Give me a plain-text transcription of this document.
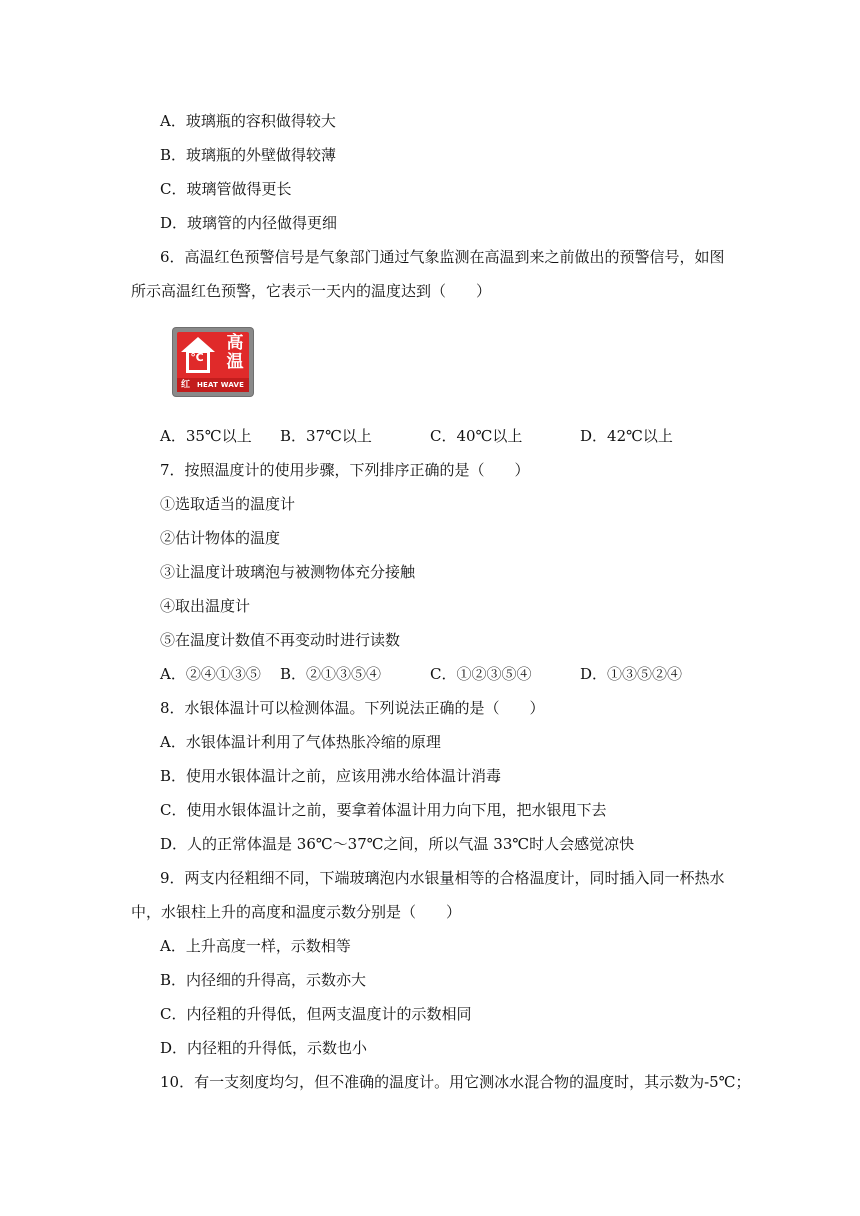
A．玻璃瓶的容积做得较大
B．玻璃瓶的外壁做得较薄
C．玻璃管做得更长
D．玻璃管的内径做得更细
6．高温红色预警信号是气象部门通过气象监测在高温到来之前做出的预警信号，如图
所示高温红色预警，它表示一天内的温度达到（　　）
℃
高温
红 HEAT WAVE
A．35℃以上 B．37℃以上	C．40℃以上	D．42℃以上
7．按照温度计的使用步骤，下列排序正确的是（　　）
①选取适当的温度计
②估计物体的温度
③让温度计玻璃泡与被测物体充分接触
④取出温度计
⑤在温度计数值不再变动时进行读数
A．②④①③⑤ B．②①③⑤④	C．①②③⑤④	D．①③⑤②④
8．水银体温计可以检测体温。下列说法正确的是（　　）
A．水银体温计利用了气体热胀冷缩的原理
B．使用水银体温计之前，应该用沸水给体温计消毒
C．使用水银体温计之前，要拿着体温计用力向下甩，把水银甩下去
D．人的正常体温是 36℃～37℃之间，所以气温 33℃时人会感觉凉快
9．两支内径粗细不同，下端玻璃泡内水银量相等的合格温度计，同时插入同一杯热水
中，水银柱上升的高度和温度示数分别是（　　）
A．上升高度一样，示数相等
B．内径细的升得高，示数亦大
C．内径粗的升得低，但两支温度计的示数相同
D．内径粗的升得低，示数也小
10．有一支刻度均匀，但不准确的温度计。用它测冰水混合物的温度时，其示数为-5℃；
